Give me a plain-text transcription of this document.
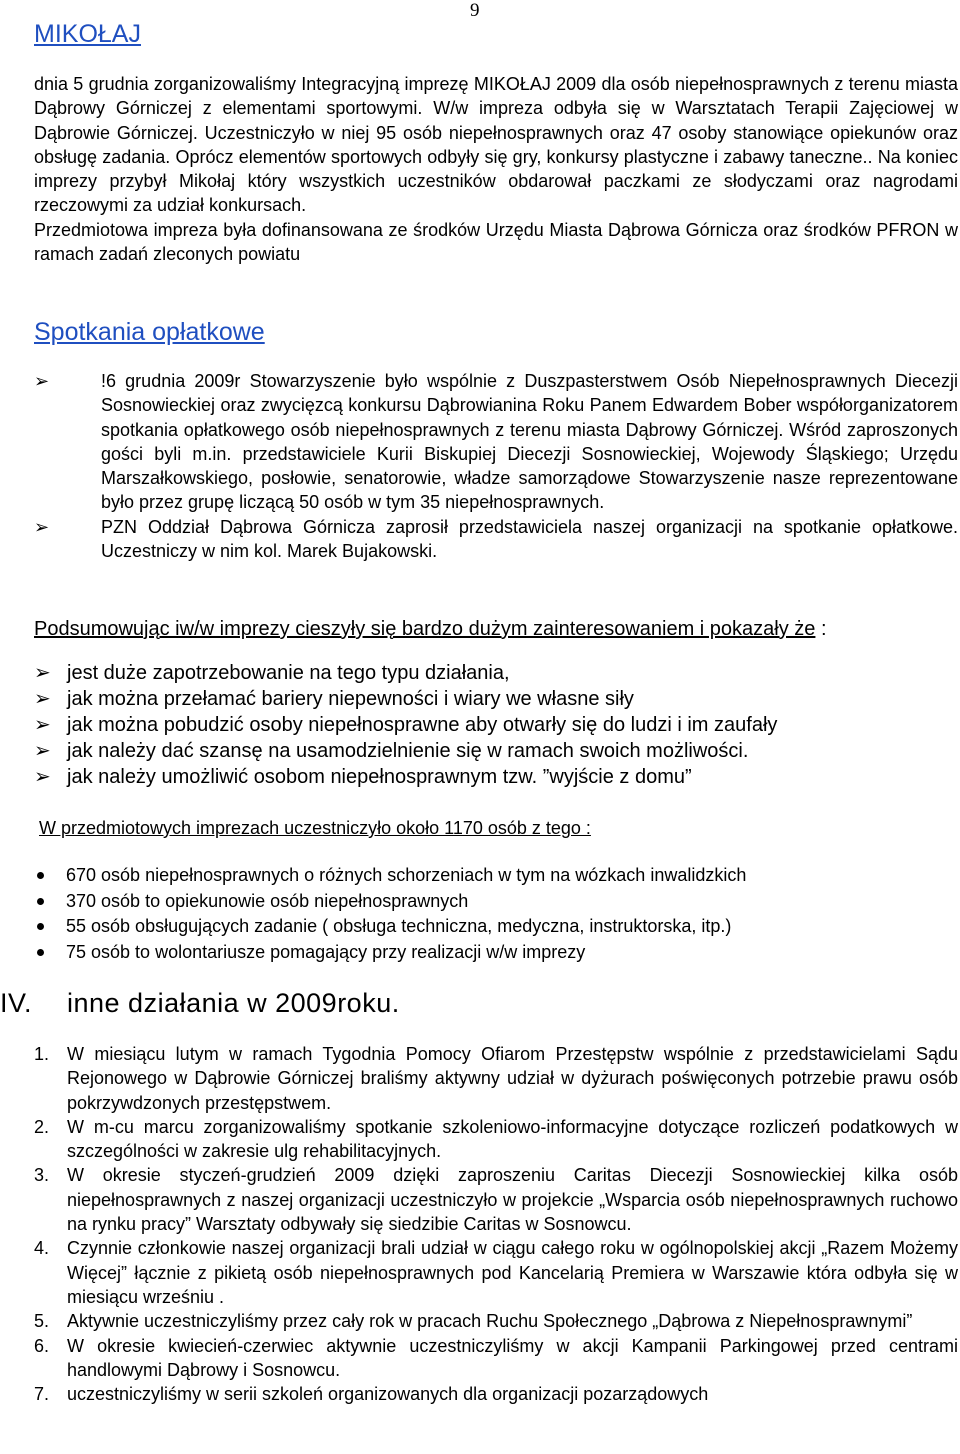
9
MIKOŁAJ

dnia 5 grudnia zorganizowaliśmy Integracyjną imprezę MIKOŁAJ 2009 dla osób niepełnosprawnych z terenu miasta Dąbrowy Górniczej z elementami sportowymi. W/w impreza odbyła się w Warsztatach Terapii Zajęciowej w Dąbrowie Górniczej. Uczestniczyło w niej 95 osób niepełnosprawnych oraz 47 osoby stanowiące opiekunów oraz obsługę zadania. Oprócz elementów sportowych odbyły się gry, konkursy plastyczne i zabawy taneczne.. Na koniec imprezy przybył Mikołaj który wszystkich uczestników obdarował paczkami ze słodyczami oraz nagrodami rzeczowymi za udział konkursach.

Przedmiotowa impreza była dofinansowana ze środków Urzędu Miasta Dąbrowa Górnicza oraz środków PFRON w ramach zadań zleconych powiatu

Spotkania opłatkowe
➢	!6 grudnia 2009r Stowarzyszenie było wspólnie z Duszpasterstwem Osób Niepełnosprawnych Diecezji Sosnowieckiej oraz zwycięzcą konkursu Dąbrowianina Roku Panem Edwardem Bober współorganizatorem spotkania opłatkowego osób niepełnosprawnych z terenu miasta Dąbrowy Górniczej. Wśród zaproszonych gości byli m.in. przedstawiciele Kurii Biskupiej Diecezji Sosnowieckiej, Wojewody Śląskiego; Urzędu Marszałkowskiego, posłowie, senatorowie, władze samorządowe Stowarzyszenie nasze reprezentowane było przez grupę liczącą 50 osób w tym 35 niepełnosprawnych.
➢	PZN Oddział Dąbrowa Górnicza zaprosił przedstawiciela naszej organizacji na spotkanie opłatkowe. Uczestniczy w nim kol. Marek Bujakowski.
Podsumowując iw/w imprezy cieszyły się bardzo dużym zainteresowaniem i pokazały że :
➢ jest duże zapotrzebowanie na tego typu działania,
➢ jak można przełamać bariery niepewności i wiary we własne siły
➢ jak można pobudzić osoby niepełnosprawne aby otwarły się do ludzi i im zaufały
➢ jak należy dać szansę na usamodzielnienie się w ramach swoich możliwości.
➢ jak należy umożliwić osobom niepełnosprawnym tzw. ”wyjście z domu”
W przedmiotowych imprezach uczestniczyło około 1170 osób z tego :
670 osób niepełnosprawnych o różnych schorzeniach w tym na wózkach inwalidzkich
370 osób to opiekunowie osób niepełnosprawnych
55 osób obsługujących zadanie ( obsługa techniczna, medyczna, instruktorska, itp.)
75 osób to wolontariusze pomagający przy realizacji w/w imprezy
IV. inne działania w 2009roku.
1. W miesiącu lutym w ramach Tygodnia Pomocy Ofiarom Przestępstw wspólnie z przedstawicielami Sądu Rejonowego w Dąbrowie Górniczej braliśmy aktywny udział w dyżurach poświęconych potrzebie prawu osób pokrzywdzonych przestępstwem.
2. W m-cu marcu zorganizowaliśmy spotkanie szkoleniowo-informacyjne dotyczące rozliczeń podatkowych w szczególności w zakresie ulg rehabilitacyjnych.
3. W okresie styczeń-grudzień 2009 dzięki zaproszeniu Caritas Diecezji Sosnowieckiej kilka osób niepełnosprawnych z naszej organizacji uczestniczyło w projekcie „Wsparcia osób niepełnosprawnych ruchowo na rynku pracy” Warsztaty odbywały się siedzibie Caritas w Sosnowcu.
4. Czynnie członkowie naszej organizacji brali udział w ciągu całego roku w ogólnopolskiej akcji „Razem Możemy Więcej” łącznie z pikietą osób niepełnosprawnych pod Kancelarią Premiera w Warszawie która odbyła się w miesiącu wrześniu .
5. Aktywnie uczestniczyliśmy przez cały rok w pracach Ruchu Społecznego „Dąbrowa z Niepełnosprawnymi”
6. W okresie kwiecień-czerwiec aktywnie uczestniczyliśmy w akcji Kampanii Parkingowej przed centrami handlowymi Dąbrowy i Sosnowcu.
7. uczestniczyliśmy w serii szkoleń organizowanych dla organizacji pozarządowych
